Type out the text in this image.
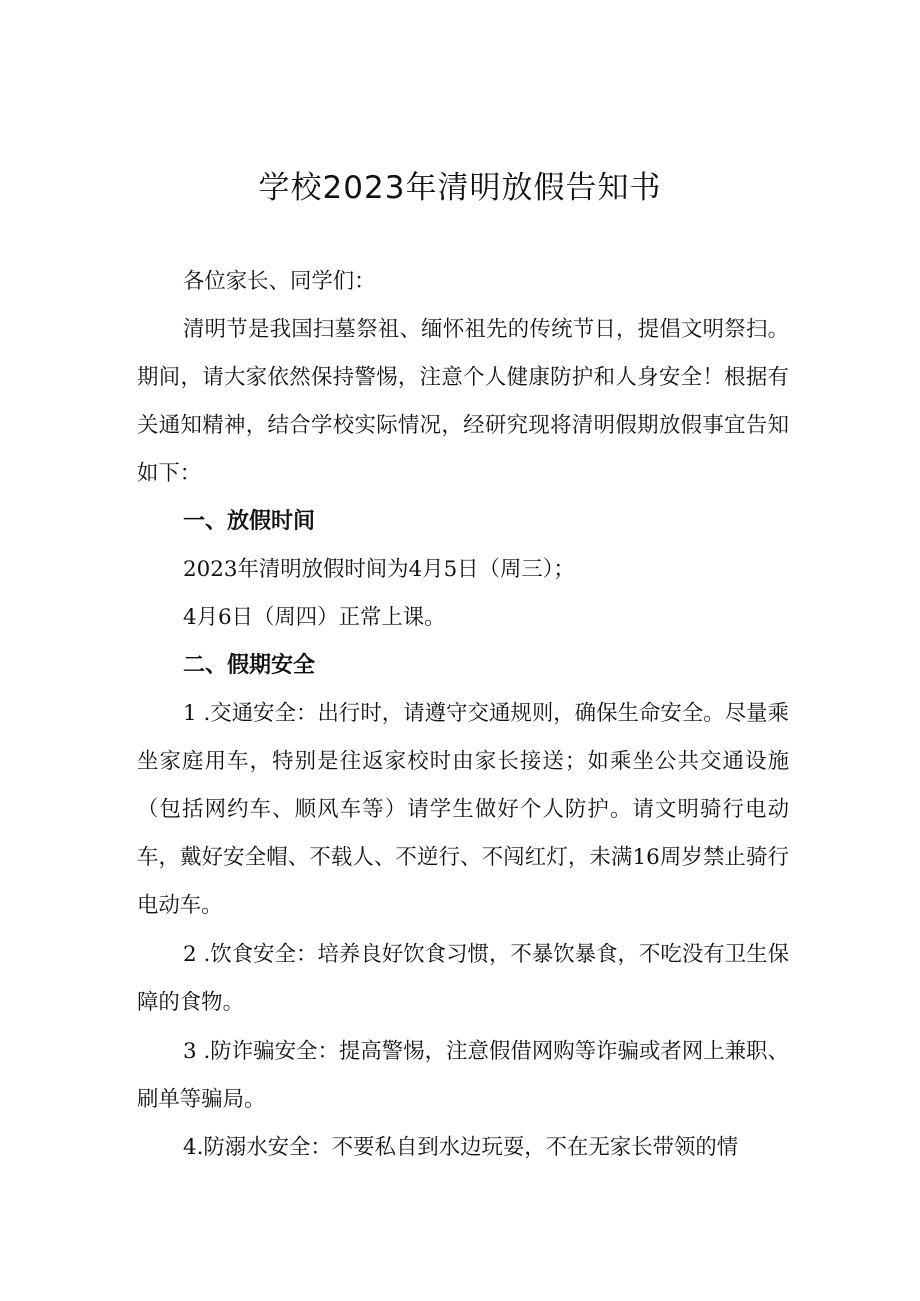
学校2023年清明放假告知书
各位家长、同学们：

清明节是我国扫墓祭祖、缅怀祖先的传统节日，提倡文明祭扫。期间，请大家依然保持警惕，注意个人健康防护和人身安全！根据有关通知精神，结合学校实际情况，经研究现将清明假期放假事宜告知如下：

一、放假时间
2023年清明放假时间为4月5日（周三）；
4月6日（周四）正常上课。
二、假期安全

1 .交通安全：出行时，请遵守交通规则，确保生命安全。尽量乘坐家庭用车，特别是往返家校时由家长接送；如乘坐公共交通设施（包括网约车、顺风车等）请学生做好个人防护。请文明骑行电动车，戴好安全帽、不载人、不逆行、不闯红灯，未满16周岁禁止骑行电动车。

2 .饮食安全：培养良好饮食习惯，不暴饮暴食，不吃没有卫生保障的食物。

3 .防诈骗安全：提高警惕，注意假借网购等诈骗或者网上兼职、刷单等骗局。

4.防溺水安全：不要私自到水边玩耍，不在无家长带领的情
